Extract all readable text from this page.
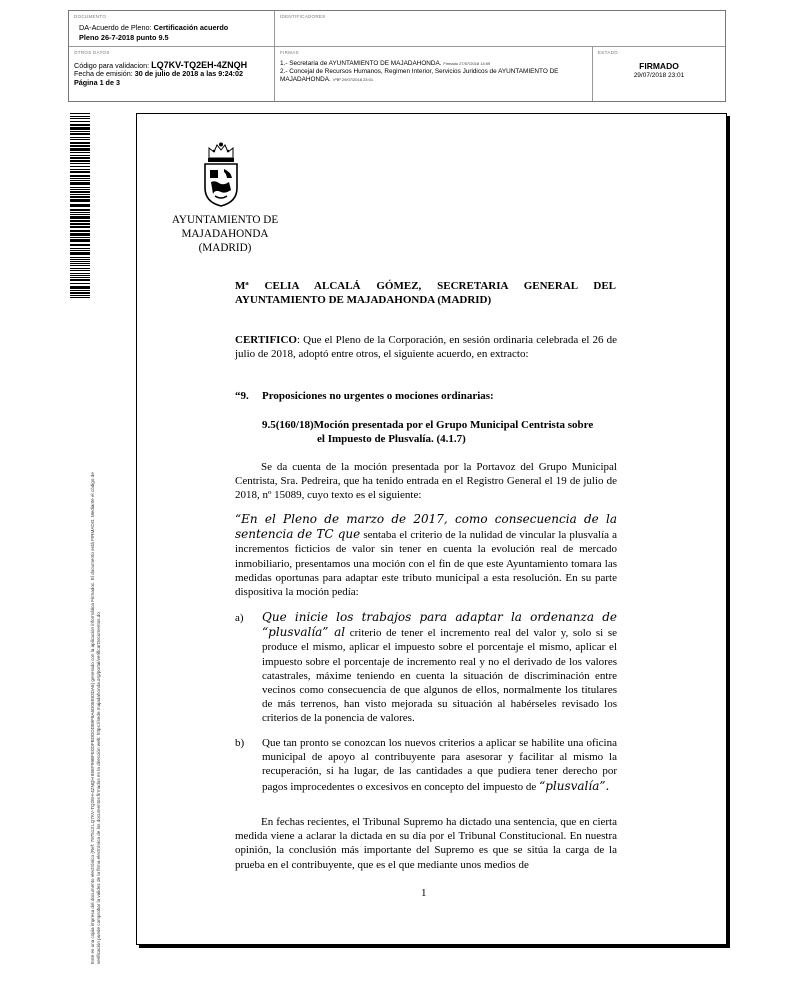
DOCUMENTO
DA-Acuerdo de Pleno: Certificación acuerdo
Pleno 26-7-2018 punto 9.5
IDENTIFICADORES
OTROS DATOS
Código para validacion: LQ7KV-TQ2EH-4ZNQH
Fecha de emisión: 30 de julio de 2018 a las 9:24:02
Página 1 de 3
FIRMAS
1.- Secretaria de AYUNTAMIENTO DE MAJADAHONDA. Firmado 27/07/2018 14:09
2.- Concejal de Recursos Humanos, Regimen Interior, Servicios Juridicos de AYUNTAMIENTO DE MAJADAHONDA. VºBº 29/07/2018 23:01
ESTADO
FIRMADO
29/07/2018 23:01
Este es una copia impresa del documento electrónico (Ref: 797513 LQ7KV-TQ2EH-4ZNQH 85EF99BFE0DFBDDDD89F8A6D05E83DA6) generado con la aplicación informática Firmadoc. El documento está FIRMADO. Mediante el código de verificación puede comprobar la validez de la firma electrónica de los documentos firmados en la dirección web: https://sede.majadahonda.org/portal/verificarDocumentos.do
AYUNTAMIENTO DE
MAJADAHONDA
(MADRID)
Mª CELIA ALCALÁ GÓMEZ, SECRETARIA GENERAL DEL
AYUNTAMIENTO DE MAJADAHONDA (MADRID)
CERTIFICO: Que el Pleno de la Corporación, en sesión ordinaria celebrada el 26 de julio de 2018, adoptó entre otros, el siguiente acuerdo, en extracto:
“9. Proposiciones no urgentes o mociones ordinarias:
9.5(160/18)Moción presentada por el Grupo Municipal Centrista sobre
el Impuesto de Plusvalía. (4.1.7)
Se da cuenta de la moción presentada por la Portavoz del Grupo Municipal Centrista, Sra. Pedreira, que ha tenido entrada en el Registro General el 19 de julio de 2018, nº 15089, cuyo texto es el siguiente:
“En el Pleno de marzo de 2017, como consecuencia de la sentencia de TC que sentaba el criterio de la nulidad de vincular la plusvalía a incrementos ficticios de valor sin tener en cuenta la evolución real de mercado inmobiliario, presentamos una moción con el fin de que este Ayuntamiento tomara las medidas oportunas para adaptar este tributo municipal a esta resolución. En su parte dispositiva la moción pedía:
a) Que inicie los trabajos para adaptar la ordenanza de “plusvalía” al criterio de tener el incremento real del valor y, solo si se produce el mismo, aplicar el impuesto sobre el porcentaje el mismo, aplicar el impuesto sobre el porcentaje de incremento real y no el derivado de los valores catastrales, máxime teniendo en cuenta la situación de discriminación entre vecinos como consecuencia de que algunos de ellos, normalmente los titulares de más terrenos, han visto mejorada su situación al habérseles revisado los criterios de la ponencia de valores.
b) Que tan pronto se conozcan los nuevos criterios a aplicar se habilite una oficina municipal de apoyo al contribuyente para asesorar y facilitar al mismo la recuperación, si ha lugar, de las cantidades a que pudiera tener derecho por pagos improcedentes o excesivos en concepto del impuesto de “plusvalía”.
En fechas recientes, el Tribunal Supremo ha dictado una sentencia, que en cierta medida viene a aclarar la dictada en su día por el Tribunal Constitucional. En nuestra opinión, la conclusión más importante del Supremo es que se sitúa la carga de la prueba en el contribuyente, que es el que mediante unos medios de
1
